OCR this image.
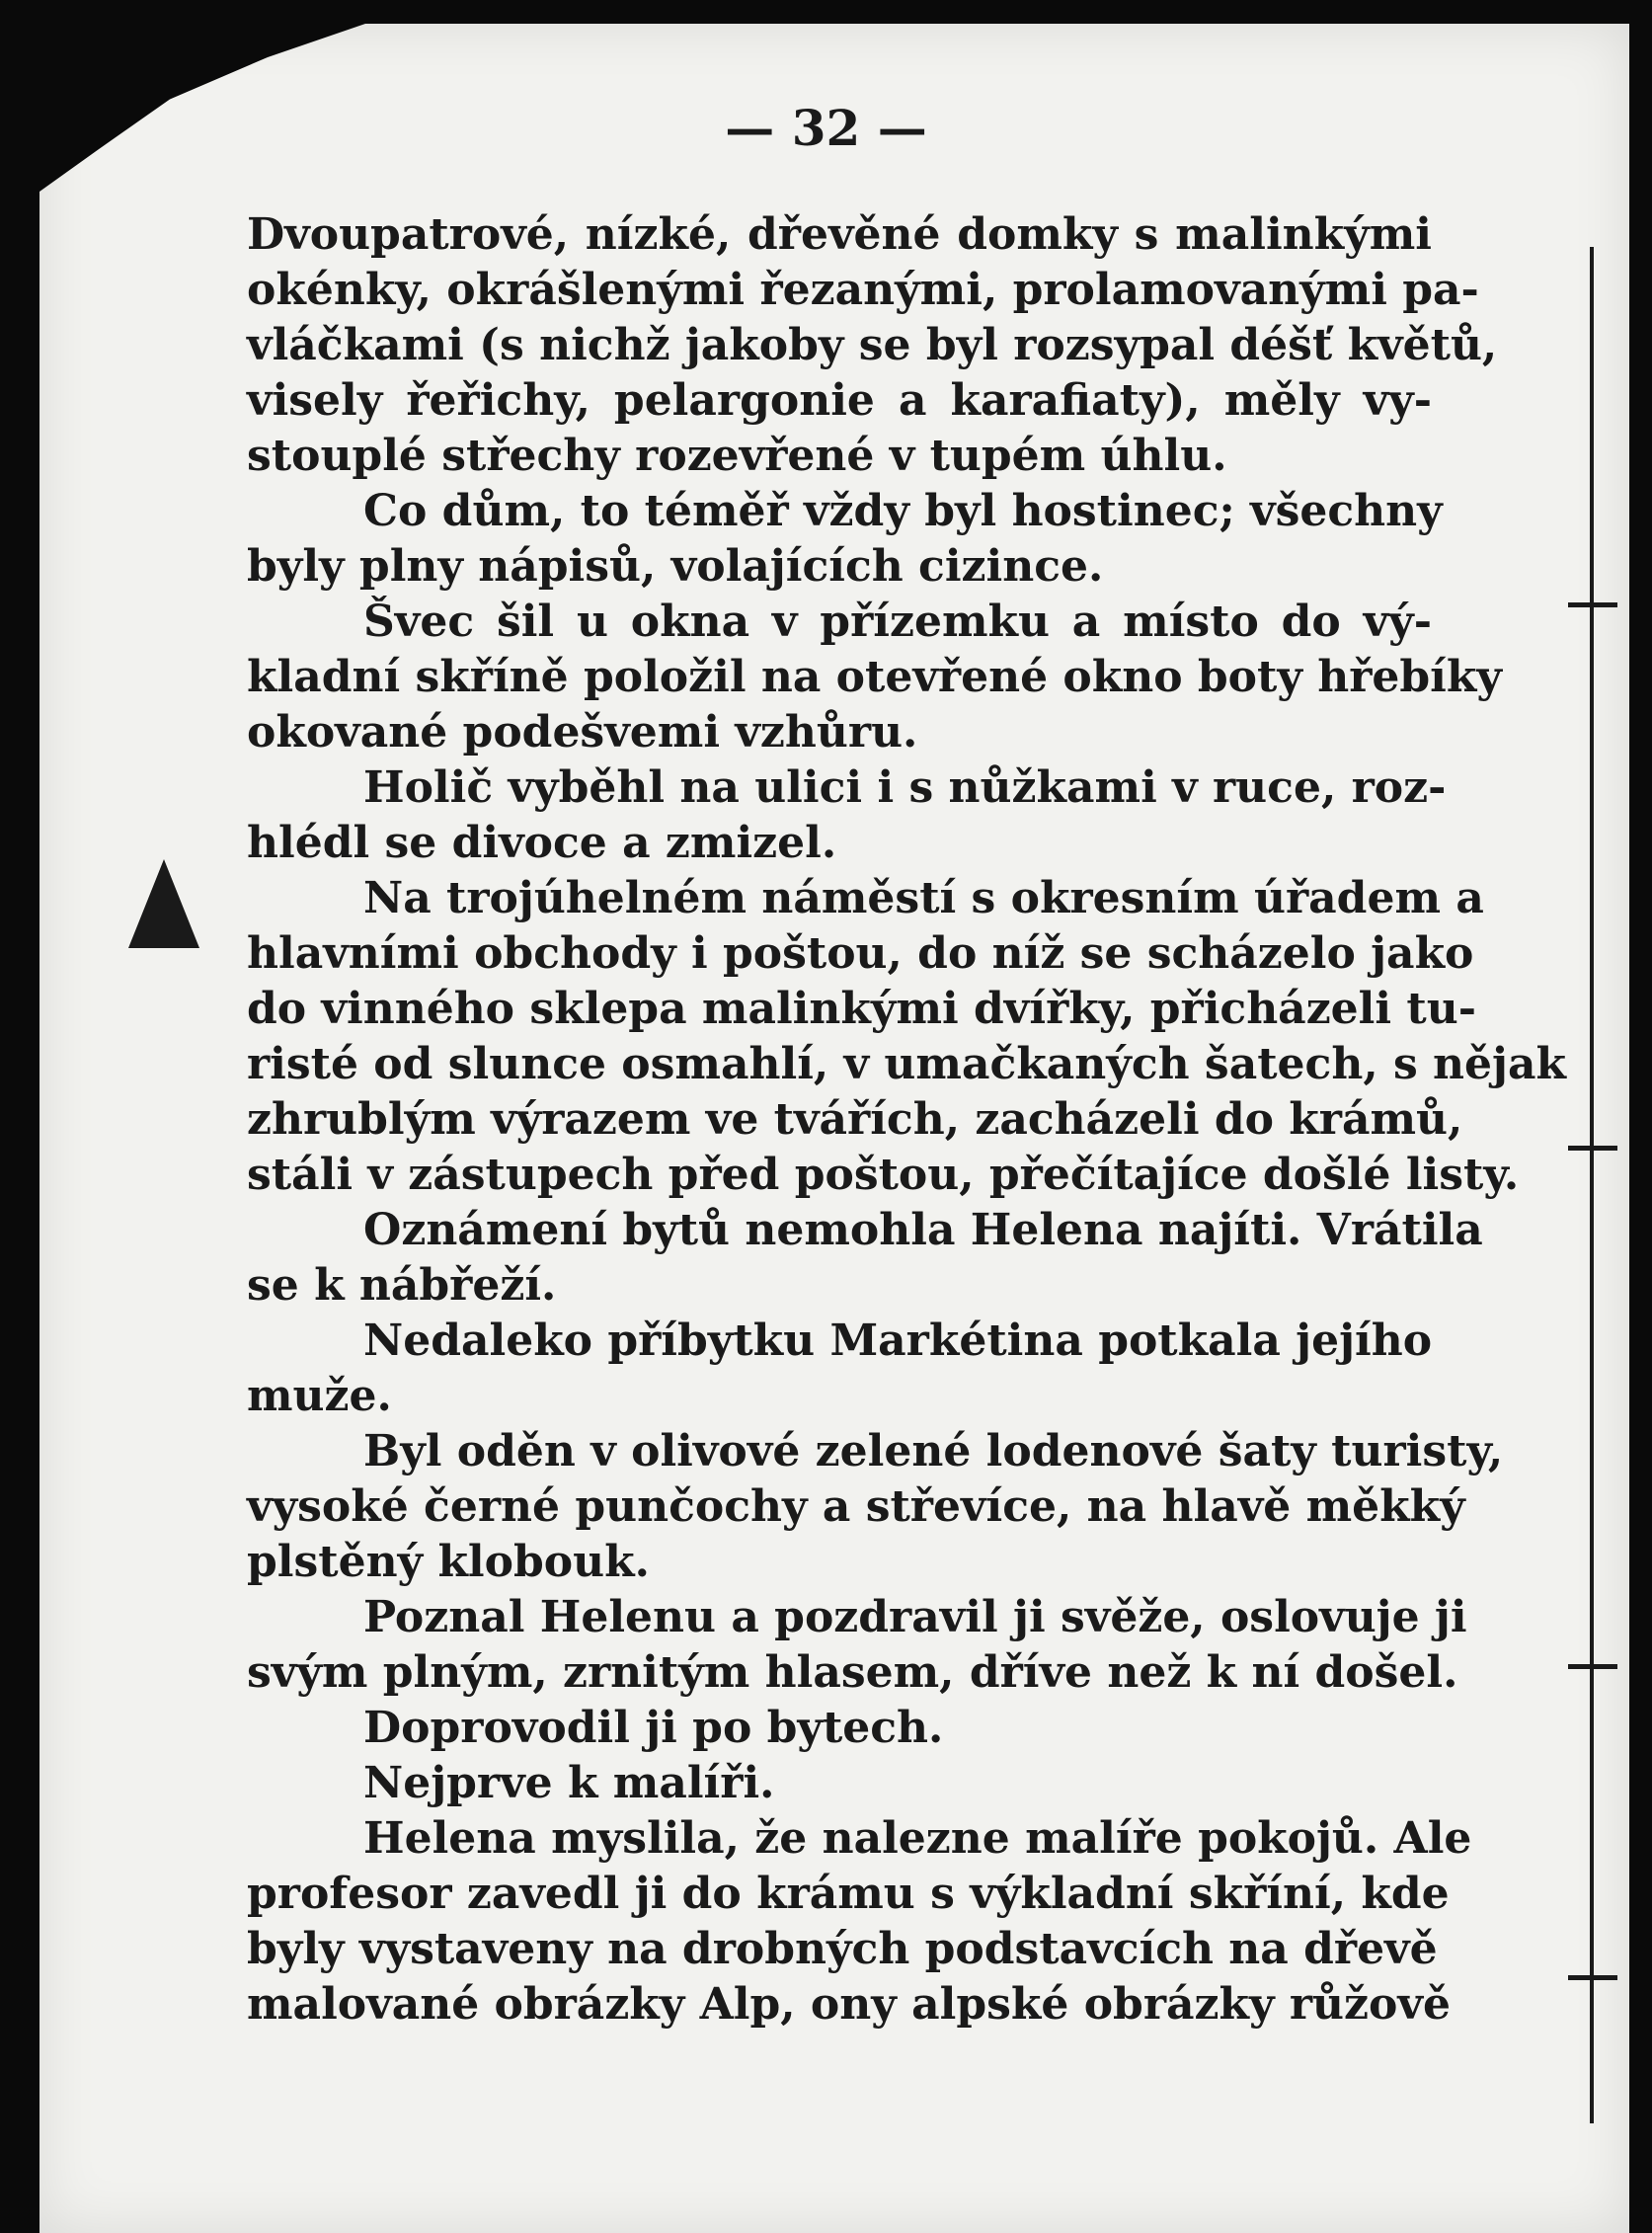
— 32 —
Dvoupatrové, nízké, dřevěné domky s malinkými
okénky, okrášlenými řezanými, prolamovanými pa-
vláčkami (s nichž jakoby se byl rozsypal déšť květů,
visely řeřichy, pelargonie a karafiaty), měly vy-
stouplé střechy rozevřené v tupém úhlu.
Co dům, to téměř vždy byl hostinec; všechny
byly plny nápisů, volajících cizince.
Švec šil u okna v přízemku a místo do vý-
kladní skříně položil na otevřené okno boty hřebíky
okované podešvemi vzhůru.
Holič vyběhl na ulici i s nůžkami v ruce, roz-
hlédl se divoce a zmizel.
Na trojúhelném náměstí s okresním úřadem a
hlavními obchody i poštou, do níž se scházelo jako
do vinného sklepa malinkými dvířky, přicházeli tu-
risté od slunce osmahlí, v umačkaných šatech, s nějak
zhrublým výrazem ve tvářích, zacházeli do krámů,
stáli v zástupech před poštou, přečítajíce došlé listy.
Oznámení bytů nemohla Helena najíti. Vrátila
se k nábřeží.
Nedaleko příbytku Markétina potkala jejího
muže.
Byl oděn v olivové zelené lodenové šaty turisty,
vysoké černé punčochy a střevíce, na hlavě měkký
plstěný klobouk.
Poznal Helenu a pozdravil ji svěže, oslovuje ji
svým plným, zrnitým hlasem, dříve než k ní došel.
Doprovodil ji po bytech.
Nejprve k malíři.
Helena myslila, že nalezne malíře pokojů. Ale
profesor zavedl ji do krámu s výkladní skříní, kde
byly vystaveny na drobných podstavcích na dřevě
malované obrázky Alp, ony alpské obrázky růžově
